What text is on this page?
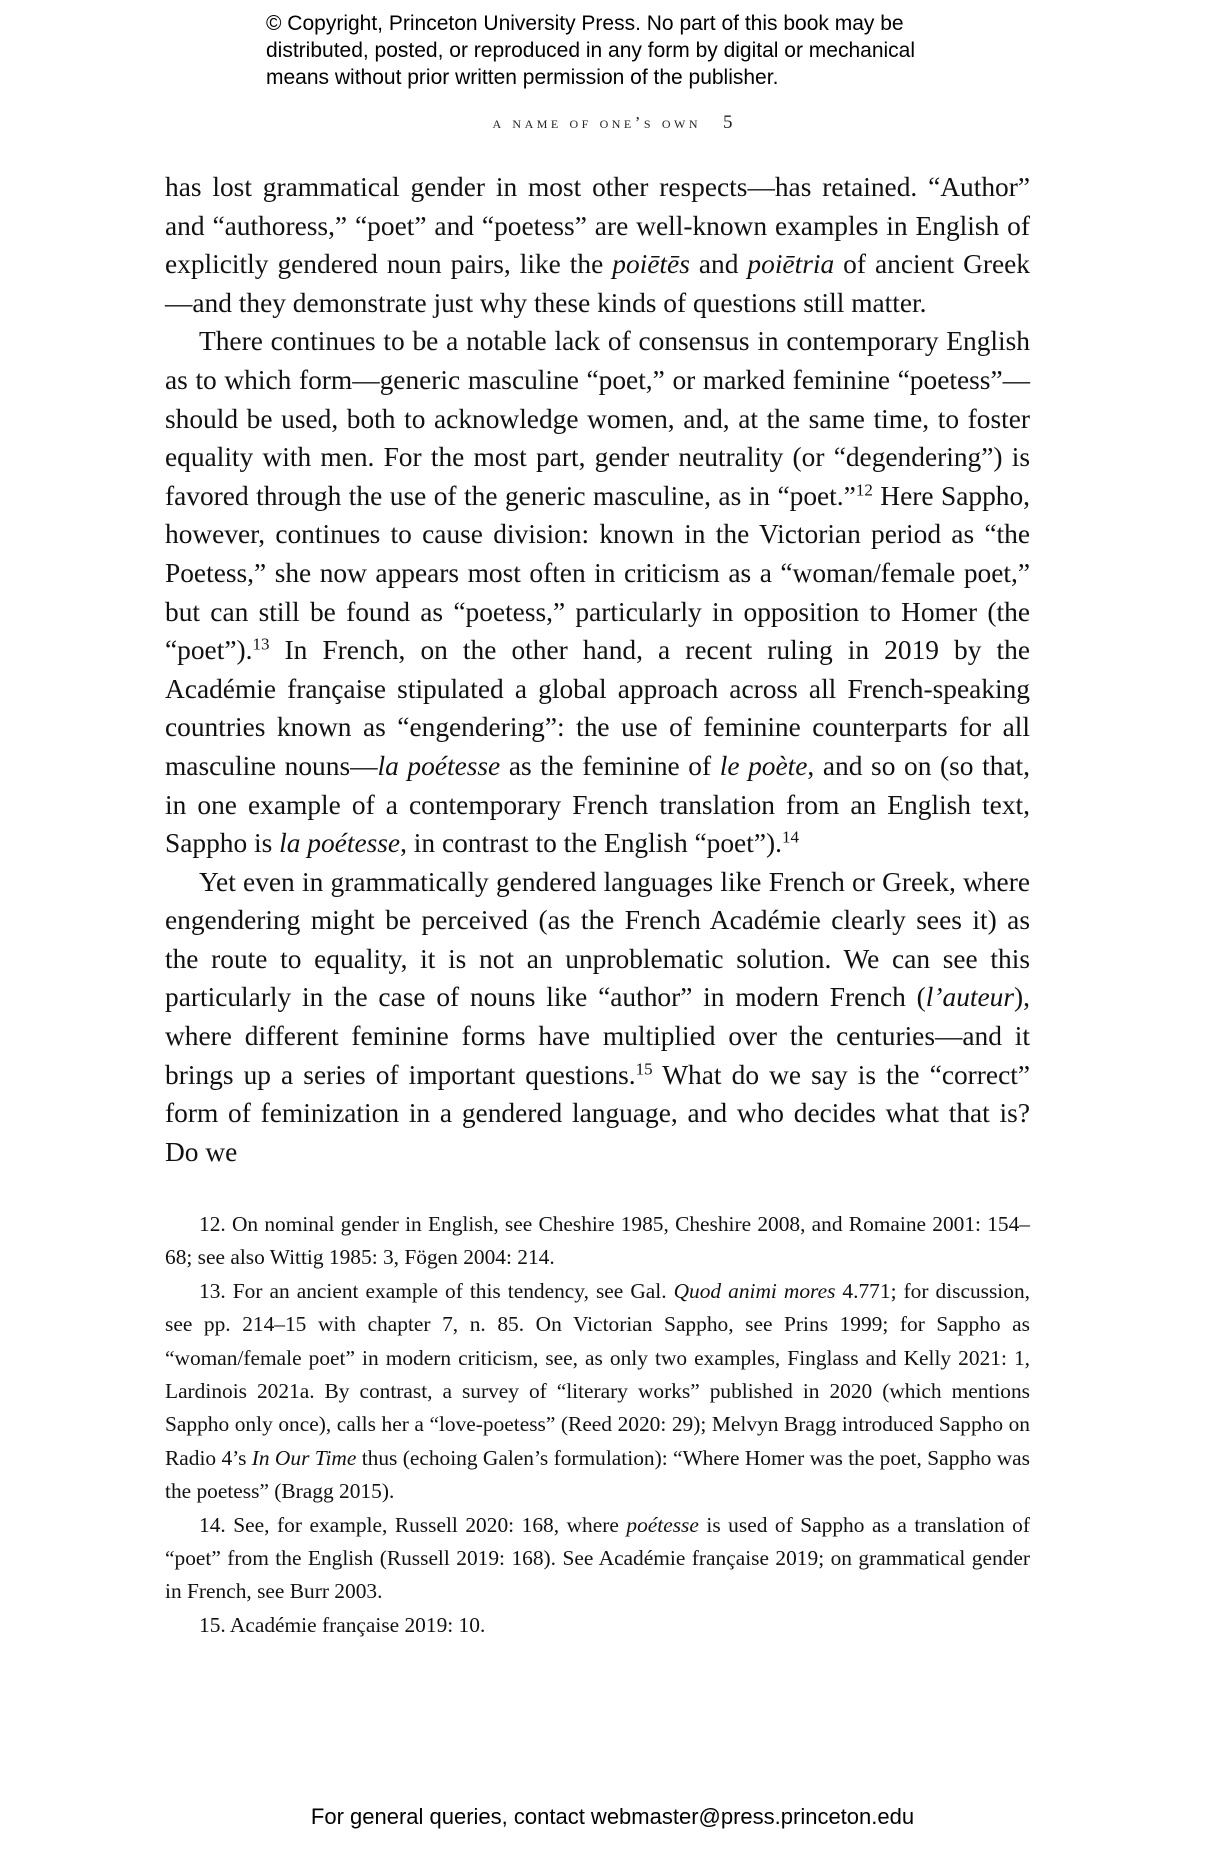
© Copyright, Princeton University Press. No part of this book may be
distributed, posted, or reproduced in any form by digital or mechanical
means without prior written permission of the publisher.
a name of one’s own 5

has lost grammatical gender in most other respects—has retained. “Author” and “authoress,” “poet” and “poetess” are well-known examples in English of explicitly gendered noun pairs, like the poiētēs and poiētria of ancient Greek—and they demonstrate just why these kinds of questions still matter.

There continues to be a notable lack of consensus in contemporary English as to which form—generic masculine “poet,” or marked feminine “poetess”—should be used, both to acknowledge women, and, at the same time, to foster equality with men. For the most part, gender neutrality (or “degendering”) is favored through the use of the generic masculine, as in “poet.”$^{12}$ Here Sappho, however, continues to cause division: known in the Victorian period as “the Poetess,” she now appears most often in criticism as a “woman/female poet,” but can still be found as “poetess,” particularly in opposition to Homer (the “poet”).$^{13}$ In French, on the other hand, a recent ruling in 2019 by the Académie française stipulated a global approach across all French-speaking countries known as “engendering”: the use of feminine counterparts for all masculine nouns—la poétesse as the feminine of le poète, and so on (so that, in one example of a contemporary French translation from an English text, Sappho is la poétesse, in contrast to the English “poet”).$^{14}$

Yet even in grammatically gendered languages like French or Greek, where engendering might be perceived (as the French Académie clearly sees it) as the route to equality, it is not an unproblematic solution. We can see this particularly in the case of nouns like “author” in modern French (l’auteur), where different feminine forms have multiplied over the centuries—and it brings up a series of important questions.$^{15}$ What do we say is the “correct” form of feminization in a gendered language, and who decides what that is? Do we

12. On nominal gender in English, see Cheshire 1985, Cheshire 2008, and Romaine 2001: 154–68; see also Wittig 1985: 3, Fögen 2004: 214.

13. For an ancient example of this tendency, see Gal. Quod animi mores 4.771; for discussion, see pp. 214–15 with chapter 7, n. 85. On Victorian Sappho, see Prins 1999; for Sappho as “woman/female poet” in modern criticism, see, as only two examples, Finglass and Kelly 2021: 1, Lardinois 2021a. By contrast, a survey of “literary works” published in 2020 (which mentions Sappho only once), calls her a “love-poetess” (Reed 2020: 29); Melvyn Bragg introduced Sappho on Radio 4’s In Our Time thus (echoing Galen’s formulation): “Where Homer was the poet, Sappho was the poetess” (Bragg 2015).

14. See, for example, Russell 2020: 168, where poétesse is used of Sappho as a translation of “poet” from the English (Russell 2019: 168). See Académie française 2019; on grammatical gender in French, see Burr 2003.

15. Académie française 2019: 10.

For general queries, contact webmaster@press.princeton.edu
